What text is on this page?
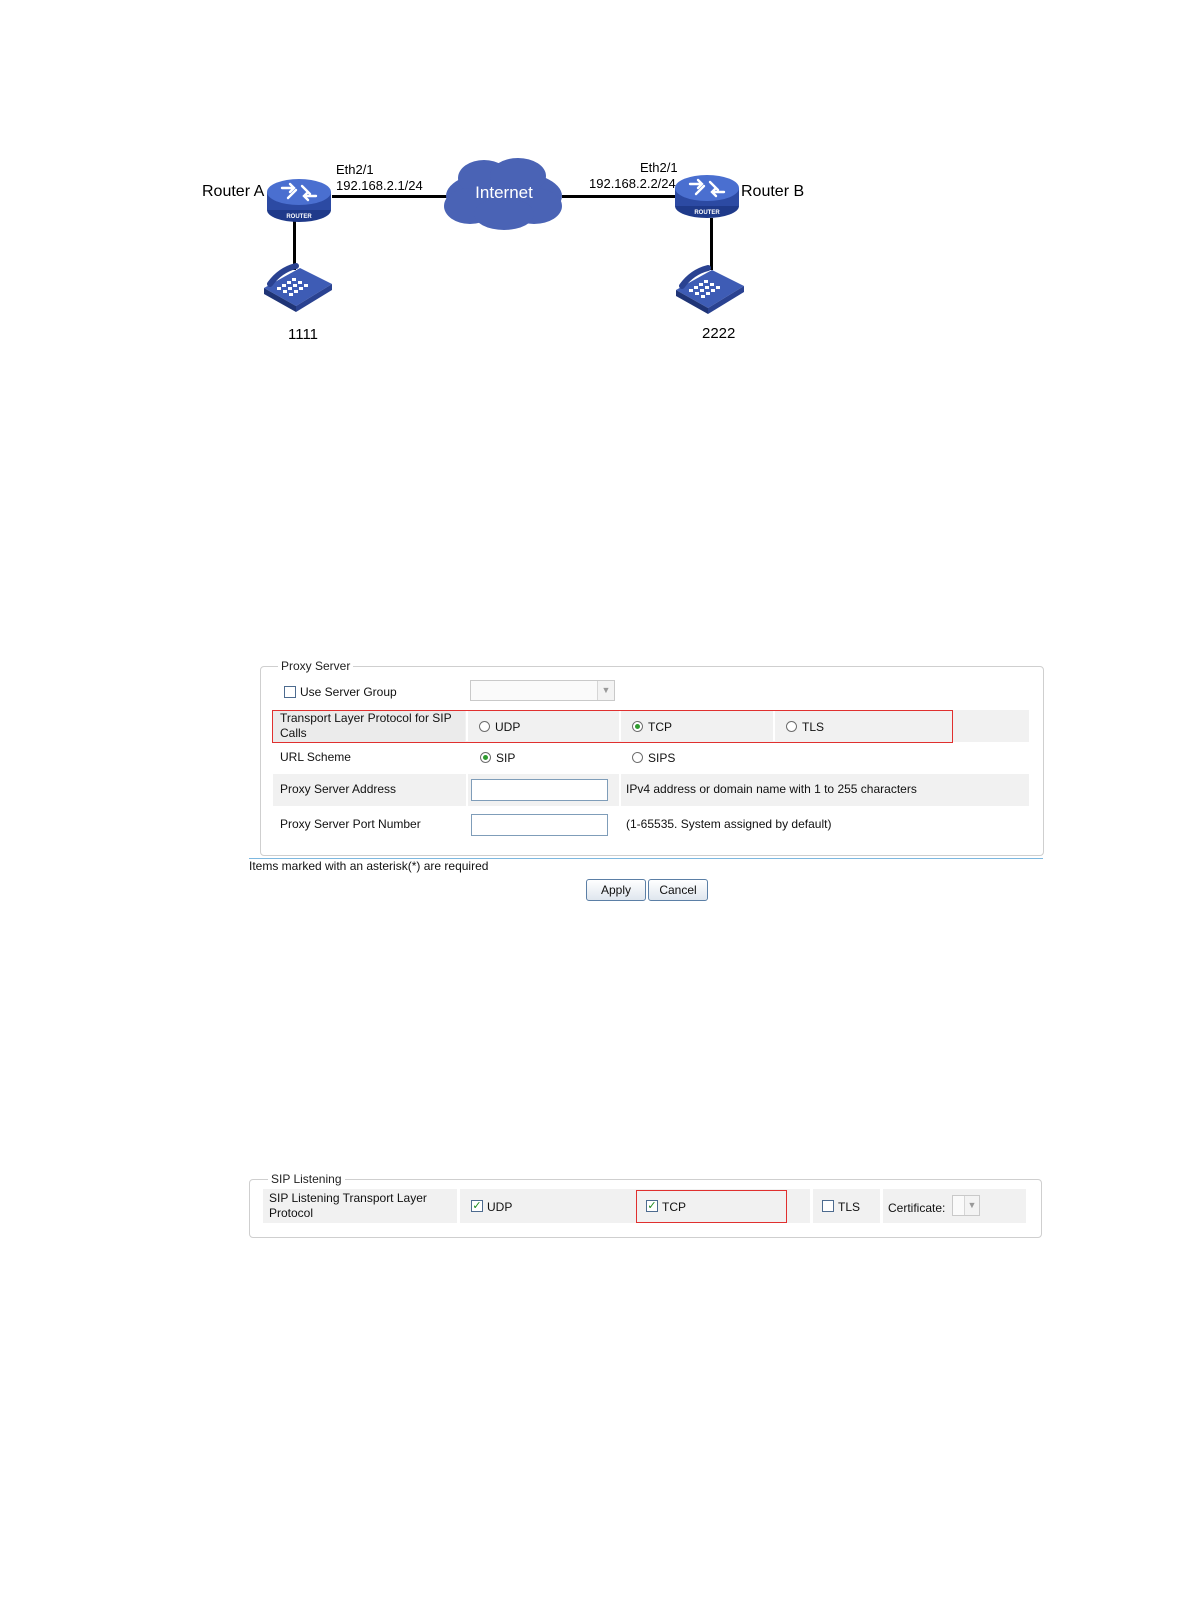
ROUTER
ROUTER
Internet
Router A	Router B
Eth2/1
192.168.2.1/24
Eth2/1
192.168.2.2/24
1111	2222
Proxy Server
Use Server Group	▼
Transport Layer Protocol for SIP Calls	UDP	TCP	TLS
URL Scheme	SIP	SIPS
Proxy Server Address	IPv4 address or domain name with 1 to 255 characters
Proxy Server Port Number	(1-65535. System assigned by default)
Items marked with an asterisk(*) are required
Apply	Cancel
SIP Listening
SIP Listening Transport Layer Protocol	✓ UDP	✓ TCP	TLS Certificate:	▼
